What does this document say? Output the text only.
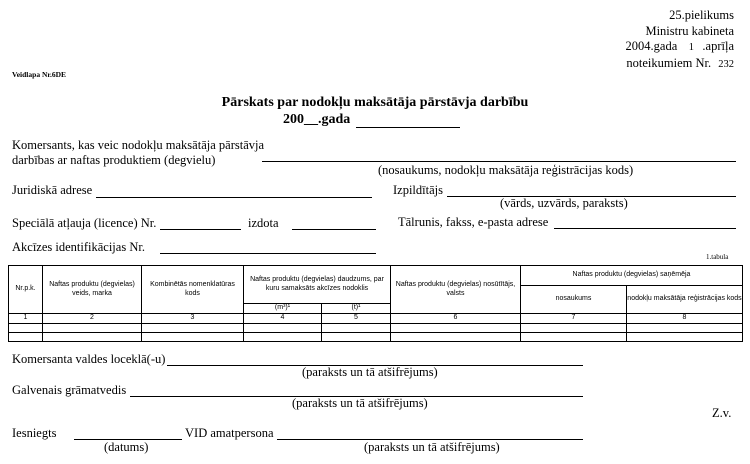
25.pielikums
Ministru kabineta
2004.gada 1 .aprīļa
noteikumiem Nr. 232
Veidlapa Nr.6DE
Pārskats par nodokļu maksātāja pārstāvja darbību
200__.gada
Komersants, kas veic nodokļu maksātāja pārstāvja
darbības ar naftas produktiem (degvielu)
(nosaukums, nodokļu maksātāja reģistrācijas kods)
Juridiskā adrese	Izpildītājs
(vārds, uzvārds, paraksts)
Speciālā atļauja (licence) Nr.	izdota	Tālrunis, fakss, e-pasta adrese
Akcīzes identifikācijas Nr.
1.tabula
Nr.p.k.	Naftas produktu (degvielas) veids, marka	Kombinētās nomenklatūras kods	Naftas produktu (degvielas) daudzums, par kuru samaksāts akcīzes nodoklis		Naftas produktu (degvielas) nosūtītājs, valsts	Naftas produktu (degvielas) saņēmēja	
						nosaukums	nodokļu maksātāja reģistrācijas kods
			(m³)¹	(t)¹			
1	2	3	4	5	6	7	8

Komersanta valdes loceklā(-u)
(paraksts un tā atšifrējums)
Galvenais grāmatvedis
(paraksts un tā atšifrējums)
Z.v.
Iesniegts
(datums)
VID amatpersona
(paraksts un tā atšifrējums)
